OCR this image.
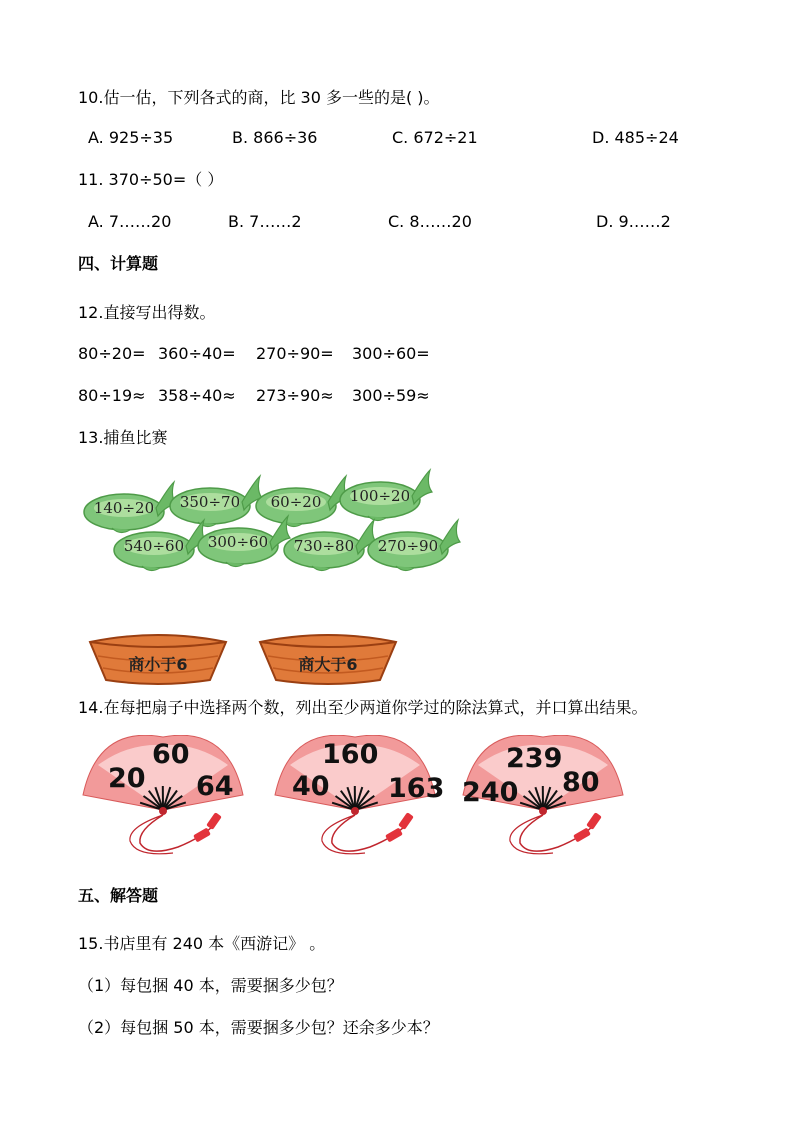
10.估一估，下列各式的商，比 30 多一些的是( )。
A. 925÷35	B. 866÷36	C. 672÷21	D. 485÷24
11. 370÷50=（ ）
A. 7……20	B. 7……2	C. 8……20	D. 9……2
四、计算题
12.直接写出得数。
80÷20= 360÷40= 270÷90= 300÷60=
80÷19≈ 358÷40≈ 273÷90≈ 300÷59≈
13.捕鱼比赛
140÷20	350÷70	60÷20	100÷20
540÷60	300÷60	730÷80	270÷90
商小于6	商大于6
14.在每把扇子中选择两个数，列出至少两道你学过的除法算式，并口算出结果。
20
60
64 40
160
163 240
239
80
五、解答题
15.书店里有 240 本《西游记》 。
（1）每包捆 40 本，需要捆多少包？
（2）每包捆 50 本，需要捆多少包？还余多少本？
